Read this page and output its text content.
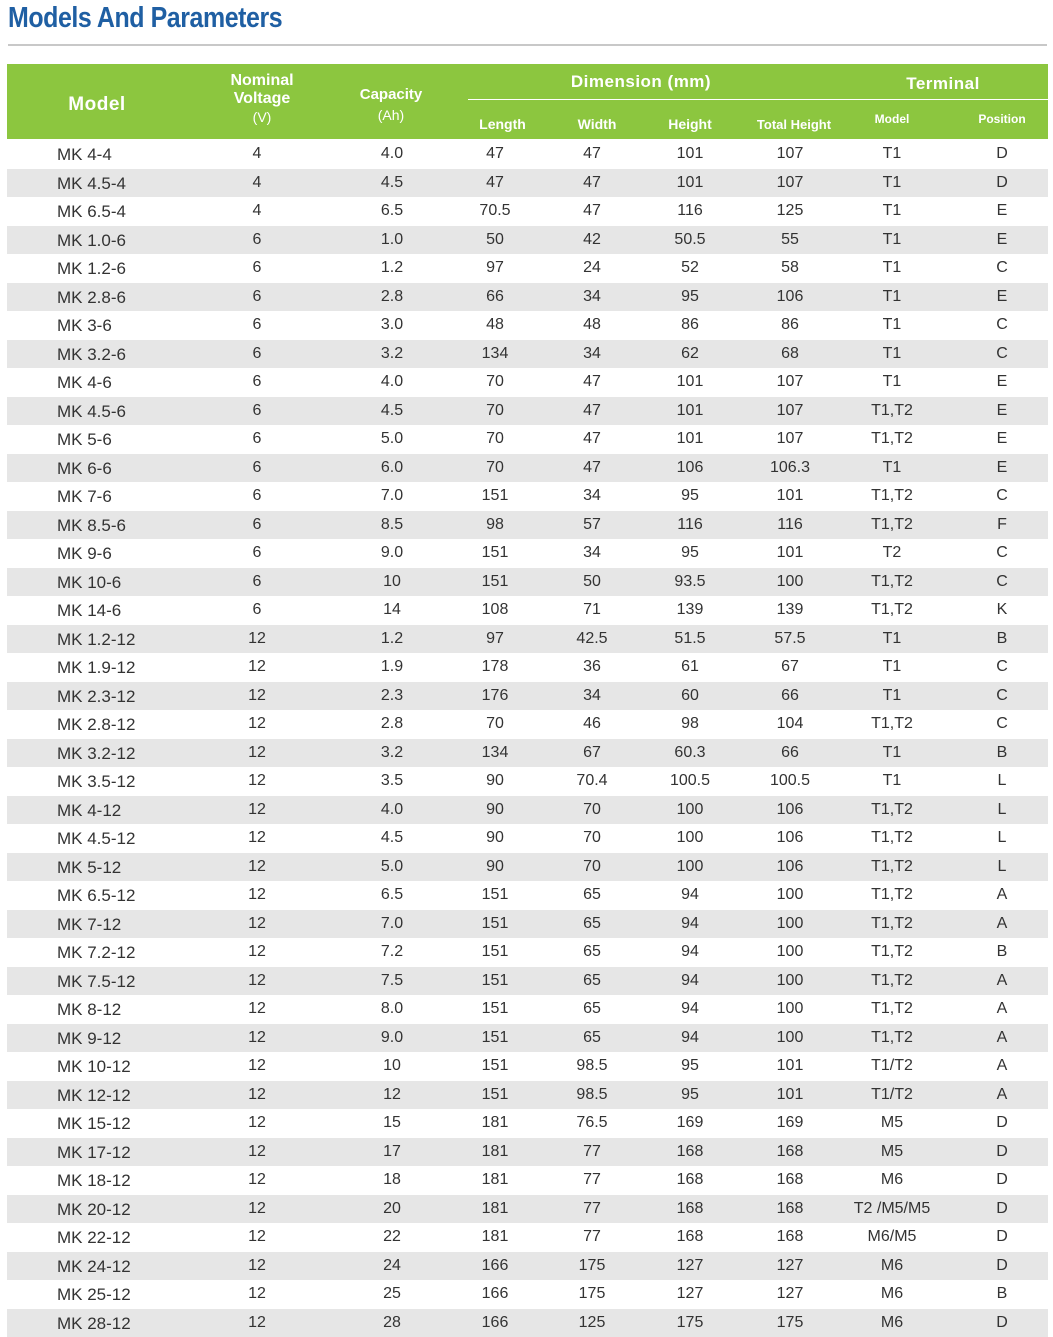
Models And Parameters
Model
Nominal Voltage
(V)
Capacity
(Ah)
Dimension (mm)
Length	Width	Height	Total Height
Terminal
Model	Position
MK 4-4	4	4.0	47	47	101	107	T1	D
MK 4.5-4	4	4.5	47	47	101	107	T1	D
MK 6.5-4	4	6.5	70.5	47	116	125	T1	E
MK 1.0-6	6	1.0	50	42	50.5	55	T1	E
MK 1.2-6	6	1.2	97	24	52	58	T1	C
MK 2.8-6	6	2.8	66	34	95	106	T1	E
MK 3-6	6	3.0	48	48	86	86	T1	C
MK 3.2-6	6	3.2	134	34	62	68	T1	C
MK 4-6	6	4.0	70	47	101	107	T1	E
MK 4.5-6	6	4.5	70	47	101	107	T1,T2	E
MK 5-6	6	5.0	70	47	101	107	T1,T2	E
MK 6-6	6	6.0	70	47	106	106.3	T1	E
MK 7-6	6	7.0	151	34	95	101	T1,T2	C
MK 8.5-6	6	8.5	98	57	116	116	T1,T2	F
MK 9-6	6	9.0	151	34	95	101	T2	C
MK 10-6	6	10	151	50	93.5	100	T1,T2	C
MK 14-6	6	14	108	71	139	139	T1,T2	K
MK 1.2-12	12	1.2	97	42.5	51.5	57.5	T1	B
MK 1.9-12	12	1.9	178	36	61	67	T1	C
MK 2.3-12	12	2.3	176	34	60	66	T1	C
MK 2.8-12	12	2.8	70	46	98	104	T1,T2	C
MK 3.2-12	12	3.2	134	67	60.3	66	T1	B
MK 3.5-12	12	3.5	90	70.4	100.5	100.5	T1	L
MK 4-12	12	4.0	90	70	100	106	T1,T2	L
MK 4.5-12	12	4.5	90	70	100	106	T1,T2	L
MK 5-12	12	5.0	90	70	100	106	T1,T2	L
MK 6.5-12	12	6.5	151	65	94	100	T1,T2	A
MK 7-12	12	7.0	151	65	94	100	T1,T2	A
MK 7.2-12	12	7.2	151	65	94	100	T1,T2	B
MK 7.5-12	12	7.5	151	65	94	100	T1,T2	A
MK 8-12	12	8.0	151	65	94	100	T1,T2	A
MK 9-12	12	9.0	151	65	94	100	T1,T2	A
MK 10-12	12	10	151	98.5	95	101	T1/T2	A
MK 12-12	12	12	151	98.5	95	101	T1/T2	A
MK 15-12	12	15	181	76.5	169	169	M5	D
MK 17-12	12	17	181	77	168	168	M5	D
MK 18-12	12	18	181	77	168	168	M6	D
MK 20-12	12	20	181	77	168	168	T2 /M5/M5	D
MK 22-12	12	22	181	77	168	168	M6/M5	D
MK 24-12	12	24	166	175	127	127	M6	D
MK 25-12	12	25	166	175	127	127	M6	B
MK 28-12	12	28	166	125	175	175	M6	D
